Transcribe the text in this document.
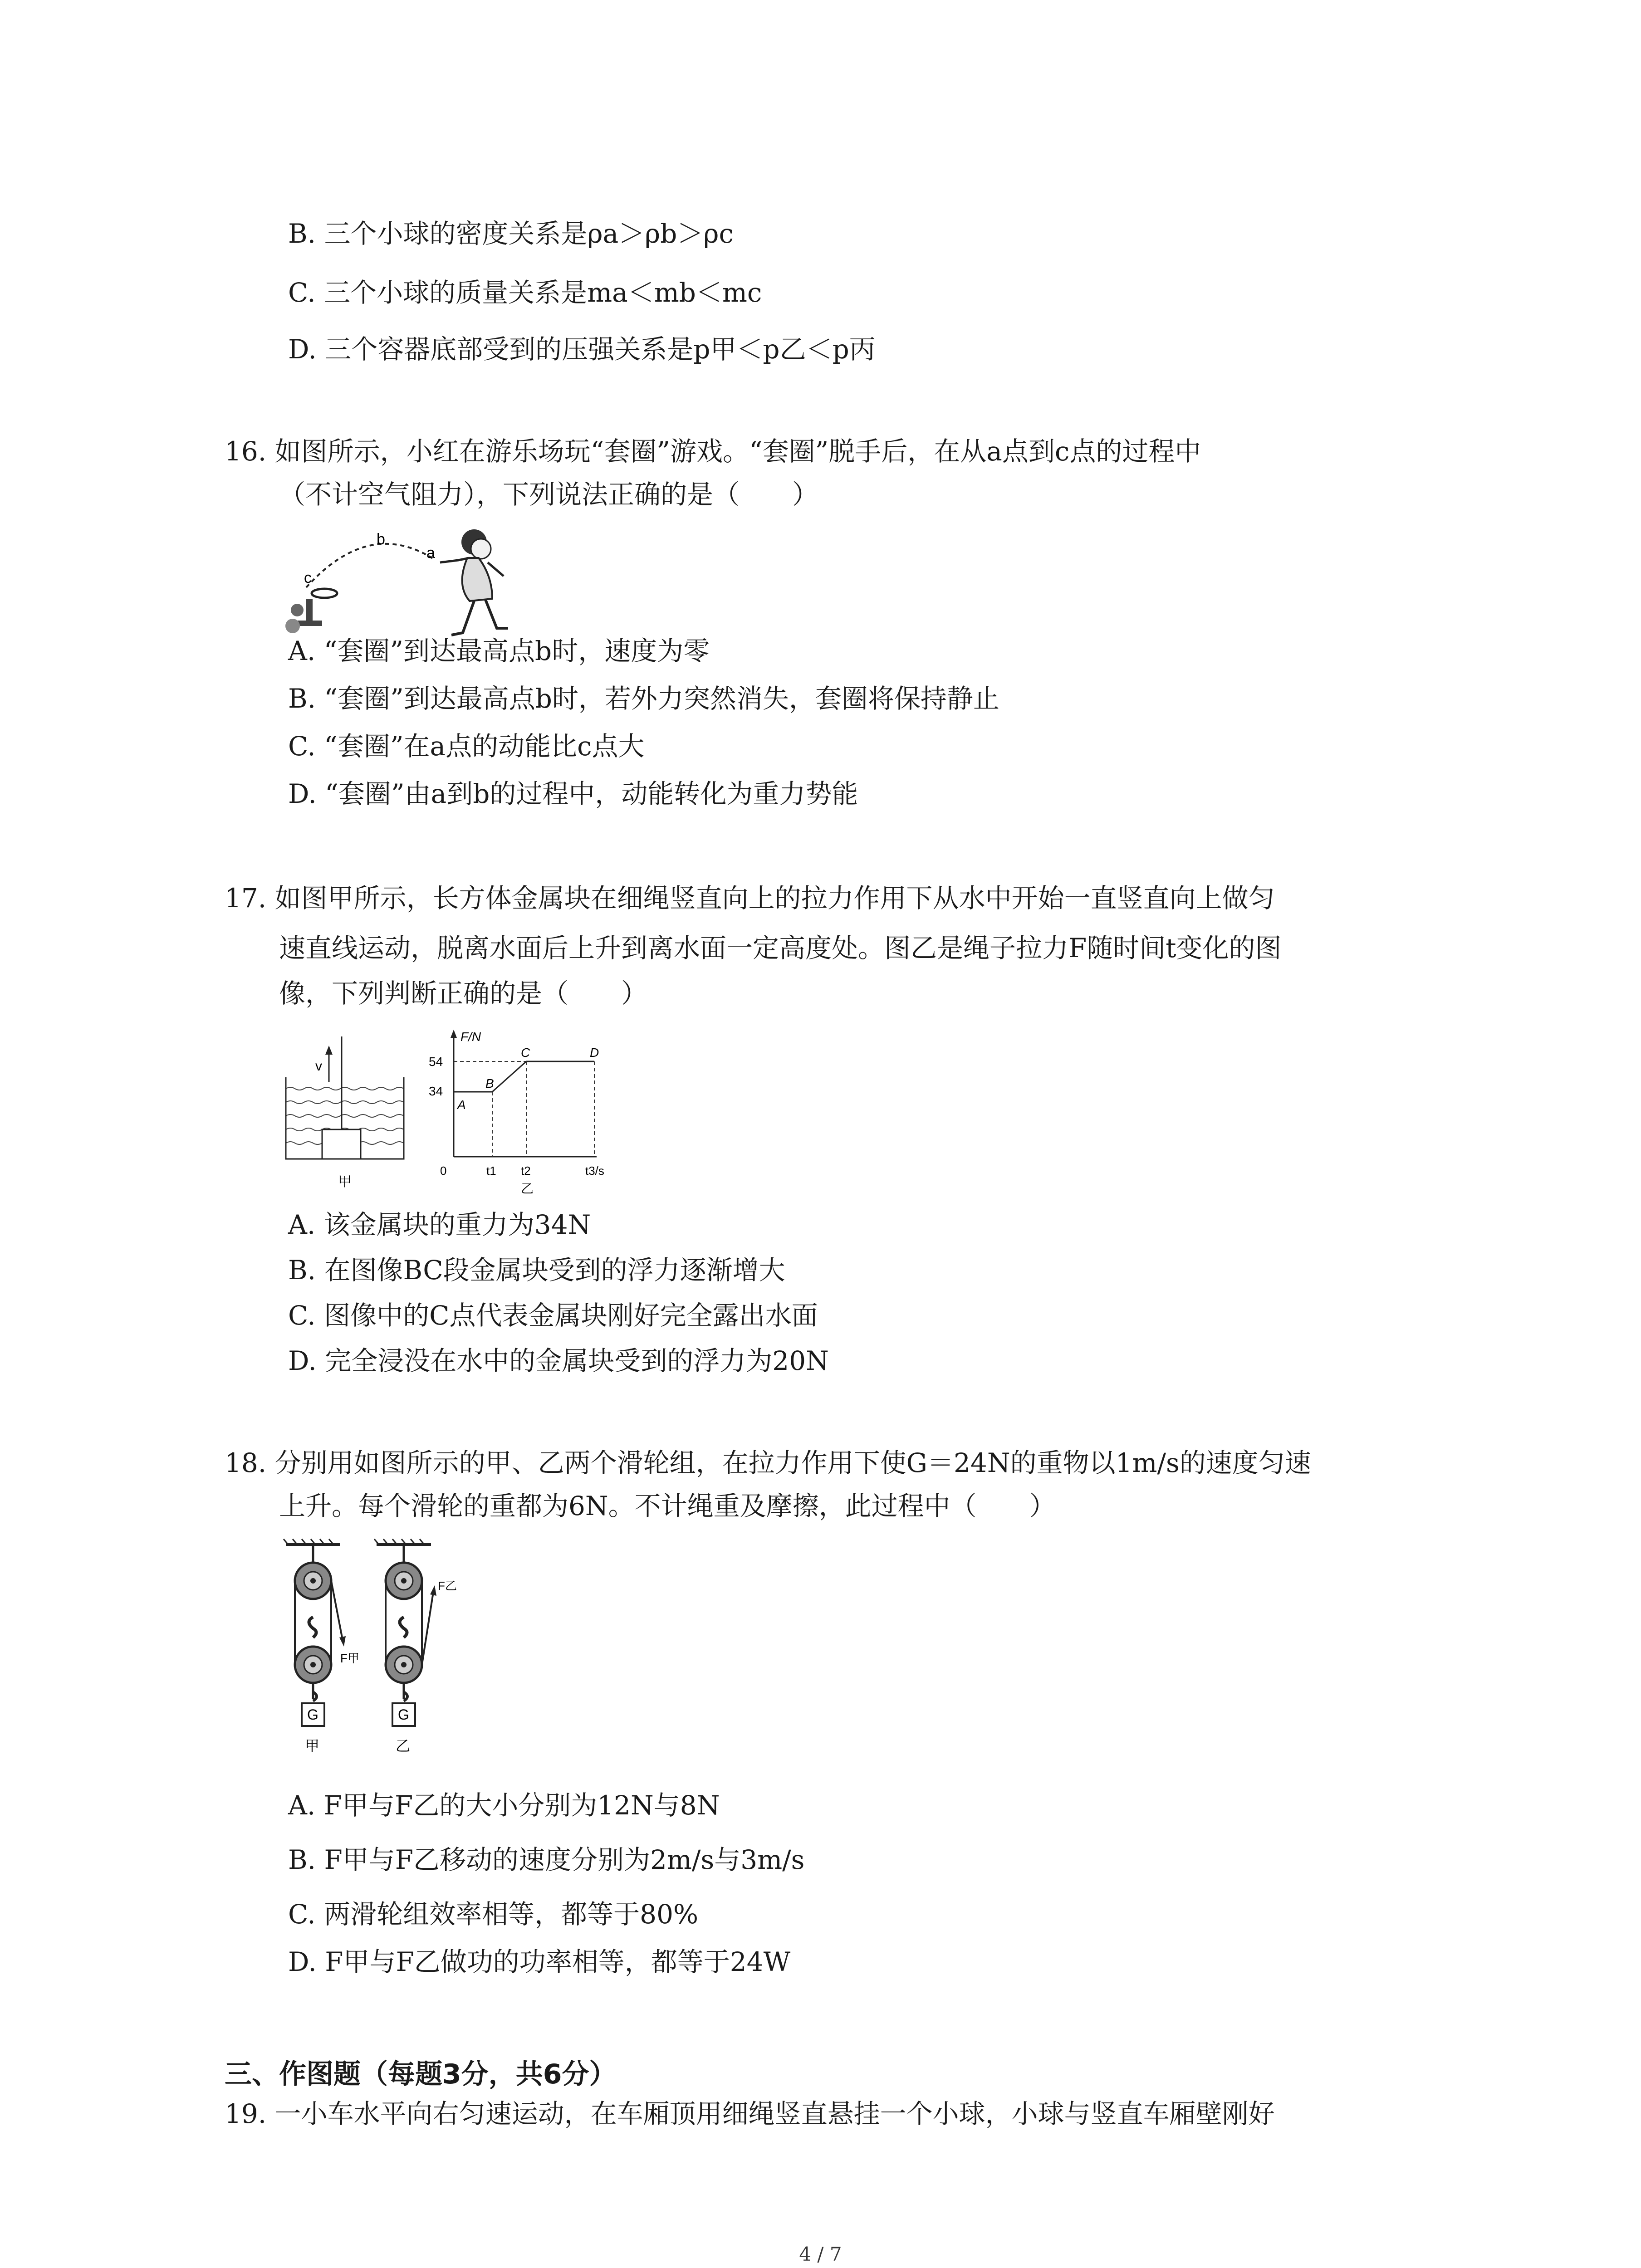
B. 三个小球的密度关系是ρa＞ρb＞ρc
C. 三个小球的质量关系是ma＜mb＜mc
D. 三个容器底部受到的压强关系是p甲＜p乙＜p丙
16. 如图所示，小红在游乐场玩“套圈”游戏。“套圈”脱手后，在从a点到c点的过程中
（不计空气阻力），下列说法正确的是（　　）
b
a
c
A. “套圈”到达最高点b时，速度为零
B. “套圈”到达最高点b时，若外力突然消失，套圈将保持静止
C. “套圈”在a点的动能比c点大
D. “套圈”由a到b的过程中，动能转化为重力势能
17. 如图甲所示，长方体金属块在细绳竖直向上的拉力作用下从水中开始一直竖直向上做匀
速直线运动，脱离水面后上升到离水面一定高度处。图乙是绳子拉力F随时间t变化的图
像，下列判断正确的是（　　）
v
甲
F/N
54
34
A
B
C	D
0	t1 t2	t3/s
乙
A. 该金属块的重力为34N
B. 在图像BC段金属块受到的浮力逐渐增大
C. 图像中的C点代表金属块刚好完全露出水面
D. 完全浸没在水中的金属块受到的浮力为20N
18. 分别用如图所示的甲、乙两个滑轮组，在拉力作用下使G＝24N的重物以1m/s的速度匀速
上升。每个滑轮的重都为6N。不计绳重及摩擦，此过程中（　　）
G
F甲
甲
G
F乙
乙
A. F甲与F乙的大小分别为12N与8N
B. F甲与F乙移动的速度分别为2m/s与3m/s
C. 两滑轮组效率相等，都等于80%
D. F甲与F乙做功的功率相等，都等于24W
三、作图题（每题3分，共6分）
19. 一小车水平向右匀速运动，在车厢顶用细绳竖直悬挂一个小球，小球与竖直车厢壁刚好
4 / 7
